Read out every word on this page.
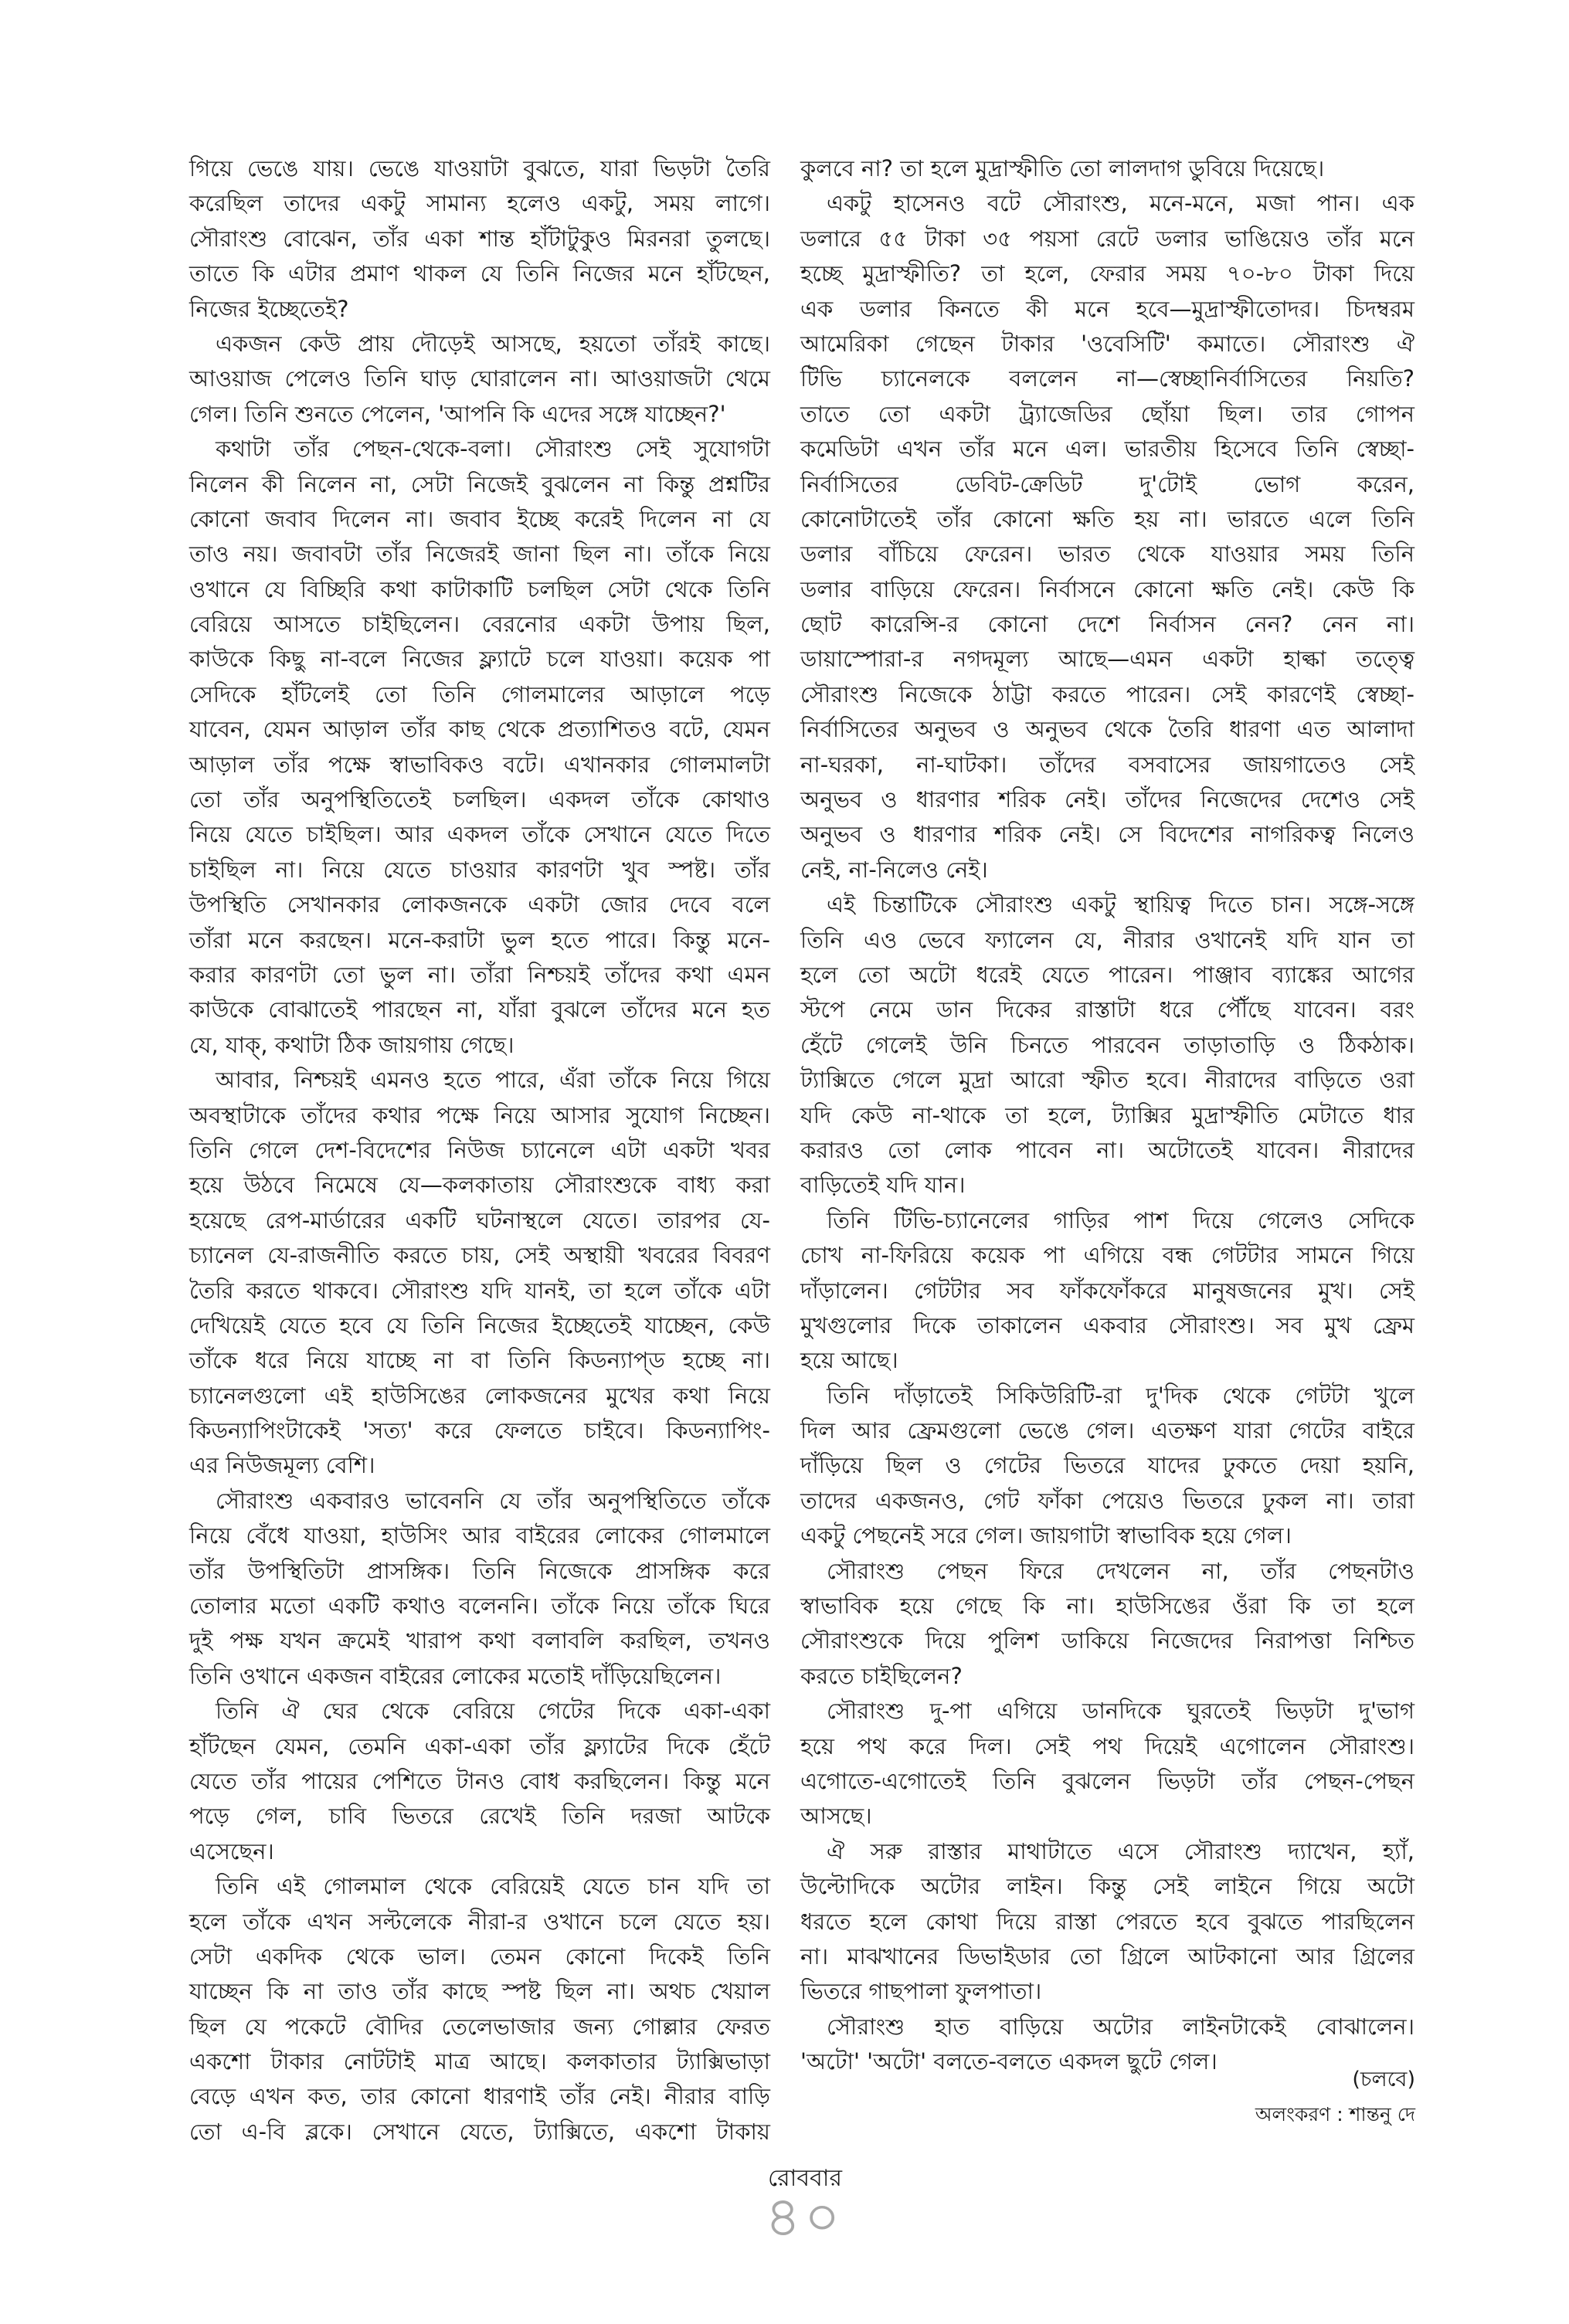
গিয়ে ভেঙে যায়। ভেঙে যাওয়াটা বুঝতে, যারা ভিড়টা তৈরি
করেছিল তাদের একটু সামান্য হলেও একটু, সময় লাগে।
সৌরাংশু বোঝেন, তাঁর একা শান্ত হাঁটাটুকুও মিরনরা তুলছে।
তাতে কি এটার প্রমাণ থাকল যে তিনি নিজের মনে হাঁটছেন,
নিজের ইচ্ছেতেই?
একজন কেউ প্রায় দৌড়েই আসছে, হয়তো তাঁরই কাছে।
আওয়াজ পেলেও তিনি ঘাড় ঘোরালেন না। আওয়াজটা থেমে
গেল। তিনি শুনতে পেলেন, 'আপনি কি এদের সঙ্গে যাচ্ছেন?'
কথাটা তাঁর পেছন-থেকে-বলা। সৌরাংশু সেই সুযোগটা
নিলেন কী নিলেন না, সেটা নিজেই বুঝলেন না কিন্তু প্রশ্নটির
কোনো জবাব দিলেন না। জবাব ইচ্ছে করেই দিলেন না যে
তাও নয়। জবাবটা তাঁর নিজেরই জানা ছিল না। তাঁকে নিয়ে
ওখানে যে বিচ্ছিরি কথা কাটাকাটি চলছিল সেটা থেকে তিনি
বেরিয়ে আসতে চাইছিলেন। বেরনোর একটা উপায় ছিল,
কাউকে কিছু না-বলে নিজের ফ্ল্যাটে চলে যাওয়া। কয়েক পা
সেদিকে হাঁটলেই তো তিনি গোলমালের আড়ালে পড়ে
যাবেন, যেমন আড়াল তাঁর কাছ থেকে প্রত্যাশিতও বটে, যেমন
আড়াল তাঁর পক্ষে স্বাভাবিকও বটে। এখানকার গোলমালটা
তো তাঁর অনুপস্থিতিতেই চলছিল। একদল তাঁকে কোথাও
নিয়ে যেতে চাইছিল। আর একদল তাঁকে সেখানে যেতে দিতে
চাইছিল না। নিয়ে যেতে চাওয়ার কারণটা খুব স্পষ্ট। তাঁর
উপস্থিতি সেখানকার লোকজনকে একটা জোর দেবে বলে
তাঁরা মনে করছেন। মনে-করাটা ভুল হতে পারে। কিন্তু মনে-
করার কারণটা তো ভুল না। তাঁরা নিশ্চয়ই তাঁদের কথা এমন
কাউকে বোঝাতেই পারছেন না, যাঁরা বুঝলে তাঁদের মনে হত
যে, যাক্, কথাটা ঠিক জায়গায় গেছে।
আবার, নিশ্চয়ই এমনও হতে পারে, এঁরা তাঁকে নিয়ে গিয়ে
অবস্থাটাকে তাঁদের কথার পক্ষে নিয়ে আসার সুযোগ নিচ্ছেন।
তিনি গেলে দেশ-বিদেশের নিউজ চ্যানেলে এটা একটা খবর
হয়ে উঠবে নিমেষে যে—কলকাতায় সৌরাংশুকে বাধ্য করা
হয়েছে রেপ-মার্ডারের একটি ঘটনাস্থলে যেতে। তারপর যে-
চ্যানেল যে-রাজনীতি করতে চায়, সেই অস্থায়ী খবরের বিবরণ
তৈরি করতে থাকবে। সৌরাংশু যদি যানই, তা হলে তাঁকে এটা
দেখিয়েই যেতে হবে যে তিনি নিজের ইচ্ছেতেই যাচ্ছেন, কেউ
তাঁকে ধরে নিয়ে যাচ্ছে না বা তিনি কিডন্যাপ্‌ড হচ্ছে না।
চ্যানেলগুলো এই হাউসিঙের লোকজনের মুখের কথা নিয়ে
কিডন্যাপিংটাকেই 'সত্য' করে ফেলতে চাইবে। কিডন্যাপিং-
এর নিউজমূল্য বেশি।
সৌরাংশু একবারও ভাবেননি যে তাঁর অনুপস্থিতিতে তাঁকে
নিয়ে বেঁধে যাওয়া, হাউসিং আর বাইরের লোকের গোলমালে
তাঁর উপস্থিতিটা প্রাসঙ্গিক। তিনি নিজেকে প্রাসঙ্গিক করে
তোলার মতো একটি কথাও বলেননি। তাঁকে নিয়ে তাঁকে ঘিরে
দুই পক্ষ যখন ক্রমেই খারাপ কথা বলাবলি করছিল, তখনও
তিনি ওখানে একজন বাইরের লোকের মতোই দাঁড়িয়েছিলেন।
তিনি ঐ ঘের থেকে বেরিয়ে গেটের দিকে একা-একা
হাঁটছেন যেমন, তেমনি একা-একা তাঁর ফ্ল্যাটের দিকে হেঁটে
যেতে তাঁর পায়ের পেশিতে টানও বোধ করছিলেন। কিন্তু মনে
পড়ে গেল, চাবি ভিতরে রেখেই তিনি দরজা আটকে
এসেছেন।
তিনি এই গোলমাল থেকে বেরিয়েই যেতে চান যদি তা
হলে তাঁকে এখন সল্টলেকে নীরা-র ওখানে চলে যেতে হয়।
সেটা একদিক থেকে ভাল। তেমন কোনো দিকেই তিনি
যাচ্ছেন কি না তাও তাঁর কাছে স্পষ্ট ছিল না। অথচ খেয়াল
ছিল যে পকেটে বৌদির তেলেভাজার জন্য গোল্লার ফেরত
একশো টাকার নোটটাই মাত্র আছে। কলকাতার ট্যাক্সিভাড়া
বেড়ে এখন কত, তার কোনো ধারণাই তাঁর নেই। নীরার বাড়ি
তো এ-বি ব্লকে। সেখানে যেতে, ট্যাক্সিতে, একশো টাকায়
কুলবে না? তা হলে মুদ্রাস্ফীতি তো লালদাগ ডুবিয়ে দিয়েছে।
একটু হাসেনও বটে সৌরাংশু, মনে-মনে, মজা পান। এক
ডলারে ৫৫ টাকা ৩৫ পয়সা রেটে ডলার ভাঙিয়েও তাঁর মনে
হচ্ছে মুদ্রাস্ফীতি? তা হলে, ফেরার সময় ৭০-৮০ টাকা দিয়ে
এক ডলার কিনতে কী মনে হবে—মুদ্রাস্ফীতোদর। চিদম্বরম
আমেরিকা গেছেন টাকার 'ওবেসিটি' কমাতে। সৌরাংশু ঐ
টিভি চ্যানেলকে বললেন না—স্বেচ্ছানির্বাসিতের নিয়তি?
তাতে তো একটা ট্র্যাজেডির ছোঁয়া ছিল। তার গোপন
কমেডিটা এখন তাঁর মনে এল। ভারতীয় হিসেবে তিনি স্বেচ্ছা-
নির্বাসিতের ডেবিট-ক্রেডিট দু'টোই ভোগ করেন,
কোনোটাতেই তাঁর কোনো ক্ষতি হয় না। ভারতে এলে তিনি
ডলার বাঁচিয়ে ফেরেন। ভারত থেকে যাওয়ার সময় তিনি
ডলার বাড়িয়ে ফেরেন। নির্বাসনে কোনো ক্ষতি নেই। কেউ কি
ছোট কারেন্সি-র কোনো দেশে নির্বাসন নেন? নেন না।
ডায়াস্পোরা-র নগদমূল্য আছে—এমন একটা হাল্কা তত্ত্বে
সৌরাংশু নিজেকে ঠাট্টা করতে পারেন। সেই কারণেই স্বেচ্ছা-
নির্বাসিতের অনুভব ও অনুভব থেকে তৈরি ধারণা এত আলাদা
না-ঘরকা, না-ঘাটকা। তাঁদের বসবাসের জায়গাতেও সেই
অনুভব ও ধারণার শরিক নেই। তাঁদের নিজেদের দেশেও সেই
অনুভব ও ধারণার শরিক নেই। সে বিদেশের নাগরিকত্ব নিলেও
নেই, না-নিলেও নেই।
এই চিন্তাটিকে সৌরাংশু একটু স্থায়িত্ব দিতে চান। সঙ্গে-সঙ্গে
তিনি এও ভেবে ফ্যালেন যে, নীরার ওখানেই যদি যান তা
হলে তো অটো ধরেই যেতে পারেন। পাঞ্জাব ব্যাঙ্কের আগের
স্টপে নেমে ডান দিকের রাস্তাটা ধরে পৌঁছে যাবেন। বরং
হেঁটে গেলেই উনি চিনতে পারবেন তাড়াতাড়ি ও ঠিকঠাক।
ট্যাক্সিতে গেলে মুদ্রা আরো স্ফীত হবে। নীরাদের বাড়িতে ওরা
যদি কেউ না-থাকে তা হলে, ট্যাক্সির মুদ্রাস্ফীতি মেটাতে ধার
করারও তো লোক পাবেন না। অটোতেই যাবেন। নীরাদের
বাড়িতেই যদি যান।
তিনি টিভি-চ্যানেলের গাড়ির পাশ দিয়ে গেলেও সেদিকে
চোখ না-ফিরিয়ে কয়েক পা এগিয়ে বন্ধ গেটটার সামনে গিয়ে
দাঁড়ালেন। গেটটার সব ফাঁকফোঁকরে মানুষজনের মুখ। সেই
মুখগুলোর দিকে তাকালেন একবার সৌরাংশু। সব মুখ ফ্রেম
হয়ে আছে।
তিনি দাঁড়াতেই সিকিউরিটি-রা দু'দিক থেকে গেটটা খুলে
দিল আর ফ্রেমগুলো ভেঙে গেল। এতক্ষণ যারা গেটের বাইরে
দাঁড়িয়ে ছিল ও গেটের ভিতরে যাদের ঢুকতে দেয়া হয়নি,
তাদের একজনও, গেট ফাঁকা পেয়েও ভিতরে ঢুকল না। তারা
একটু পেছনেই সরে গেল। জায়গাটা স্বাভাবিক হয়ে গেল।
সৌরাংশু পেছন ফিরে দেখলেন না, তাঁর পেছনটাও
স্বাভাবিক হয়ে গেছে কি না। হাউসিঙের ওঁরা কি তা হলে
সৌরাংশুকে দিয়ে পুলিশ ডাকিয়ে নিজেদের নিরাপত্তা নিশ্চিত
করতে চাইছিলেন?
সৌরাংশু দু-পা এগিয়ে ডানদিকে ঘুরতেই ভিড়টা দু'ভাগ
হয়ে পথ করে দিল। সেই পথ দিয়েই এগোলেন সৌরাংশু।
এগোতে-এগোতেই তিনি বুঝলেন ভিড়টা তাঁর পেছন-পেছন
আসছে।
ঐ সরু রাস্তার মাথাটাতে এসে সৌরাংশু দ্যাখেন, হ্যাঁ,
উল্টোদিকে অটোর লাইন। কিন্তু সেই লাইনে গিয়ে অটো
ধরতে হলে কোথা দিয়ে রাস্তা পেরতে হবে বুঝতে পারছিলেন
না। মাঝখানের ডিভাইডার তো গ্রিলে আটকানো আর গ্রিলের
ভিতরে গাছপালা ফুলপাতা।
সৌরাংশু হাত বাড়িয়ে অটোর লাইনটাকেই বোঝালেন।
'অটো' 'অটো' বলতে-বলতে একদল ছুটে গেল।
(চলবে)
অলংকরণ : শান্তনু দে
রোববার
৪০
